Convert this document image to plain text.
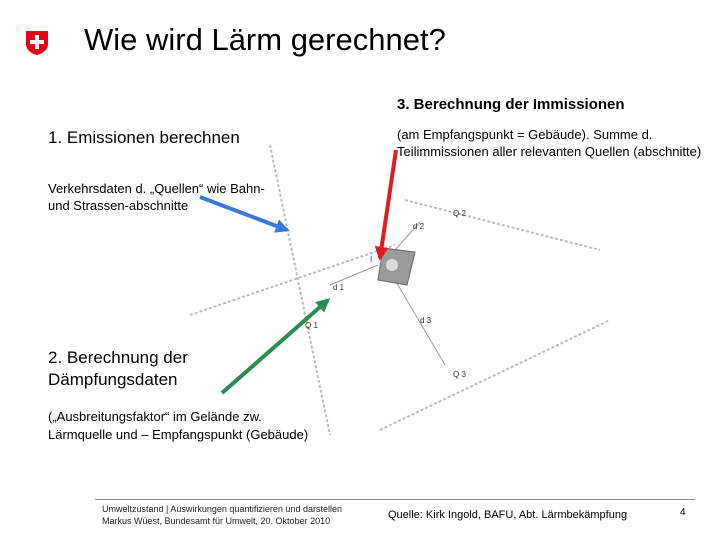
Wie wird Lärm gerechnet?
Q 1
Q 2
Q 3
d 1
d 2
d 3
I
3. Berechnung der Immissionen
(am Empfangspunkt = Gebäude). Summe d. Teilimmissionen aller relevanten Quellen (abschnitte)
1. Emissionen berechnen
Verkehrsdaten d. „Quellen“ wie Bahn- und Strassen-abschnitte
2. Berechnung der Dämpfungsdaten
(„Ausbreitungsfaktor“ im Gelände zw. Lärmquelle und – Empfangspunkt (Gebäude)
Umweltzustand | Auswirkungen quantifizieren und darstellen
Markus Wüest, Bundesamt für Umwelt, 20. Oktober 2010	Quelle: Kirk Ingold, BAFU, Abt. Lärmbekämpfung	4
